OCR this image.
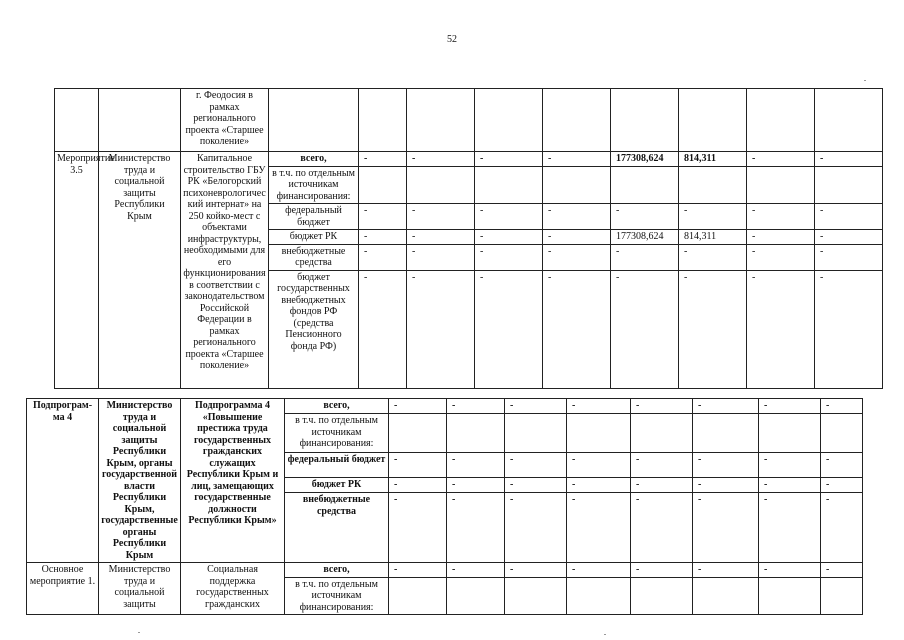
52
		г. Феодосия в рамках регионального проекта «Старшее поколение»									
Мероприятие 3.5	Министерство труда и социальной защиты Республики Крым	Капитальное строительство ГБУ РК «Белогорский психоневрологичес кий интернат» на 250 койко-мест с объектами инфраструктуры, необходимыми для его функционирования в соответствии с законодательством Российской Федерации в рамках регионального проекта «Старшее поколение»	всего,	-	-	-	-	177308,624	814,311	-	-
			в т.ч. по отдельным источникам финансирования:								
			федеральный бюджет	-	-	-	-	-	-	-	-
			бюджет РК	-	-	-	-	177308,624	814,311	-	-
			внебюджетные средства	-	-	-	-	-	-	-	-
			бюджет государственных внебюджетных фондов РФ (средства Пенсионного фонда РФ)	-	-	-	-	-	-	-	-
Подпрограм-ма 4	Министерство труда и социальной защиты Республики Крым, органы государственной власти Республики Крым, государственные органы Республики Крым	Подпрограмма 4 «Повышение престижа труда государственных гражданских служащих Республики Крым и лиц, замещающих государственные должности Республики Крым»	всего,	-	-	-	-	-	-	-	-
			в т.ч. по отдельным источникам финансирования:								
			федеральный бюджет	-	-	-	-	-	-	-	-
			бюджет РК	-	-	-	-	-	-	-	-
			внебюджетные средства	-	-	-	-	-	-	-	-
Основное мероприятие 1.	Министерство труда и социальной защиты	Социальная поддержка государственных гражданских	всего,	-	-	-	-	-	-	-	-
			в т.ч. по отдельным источникам финансирования:								
